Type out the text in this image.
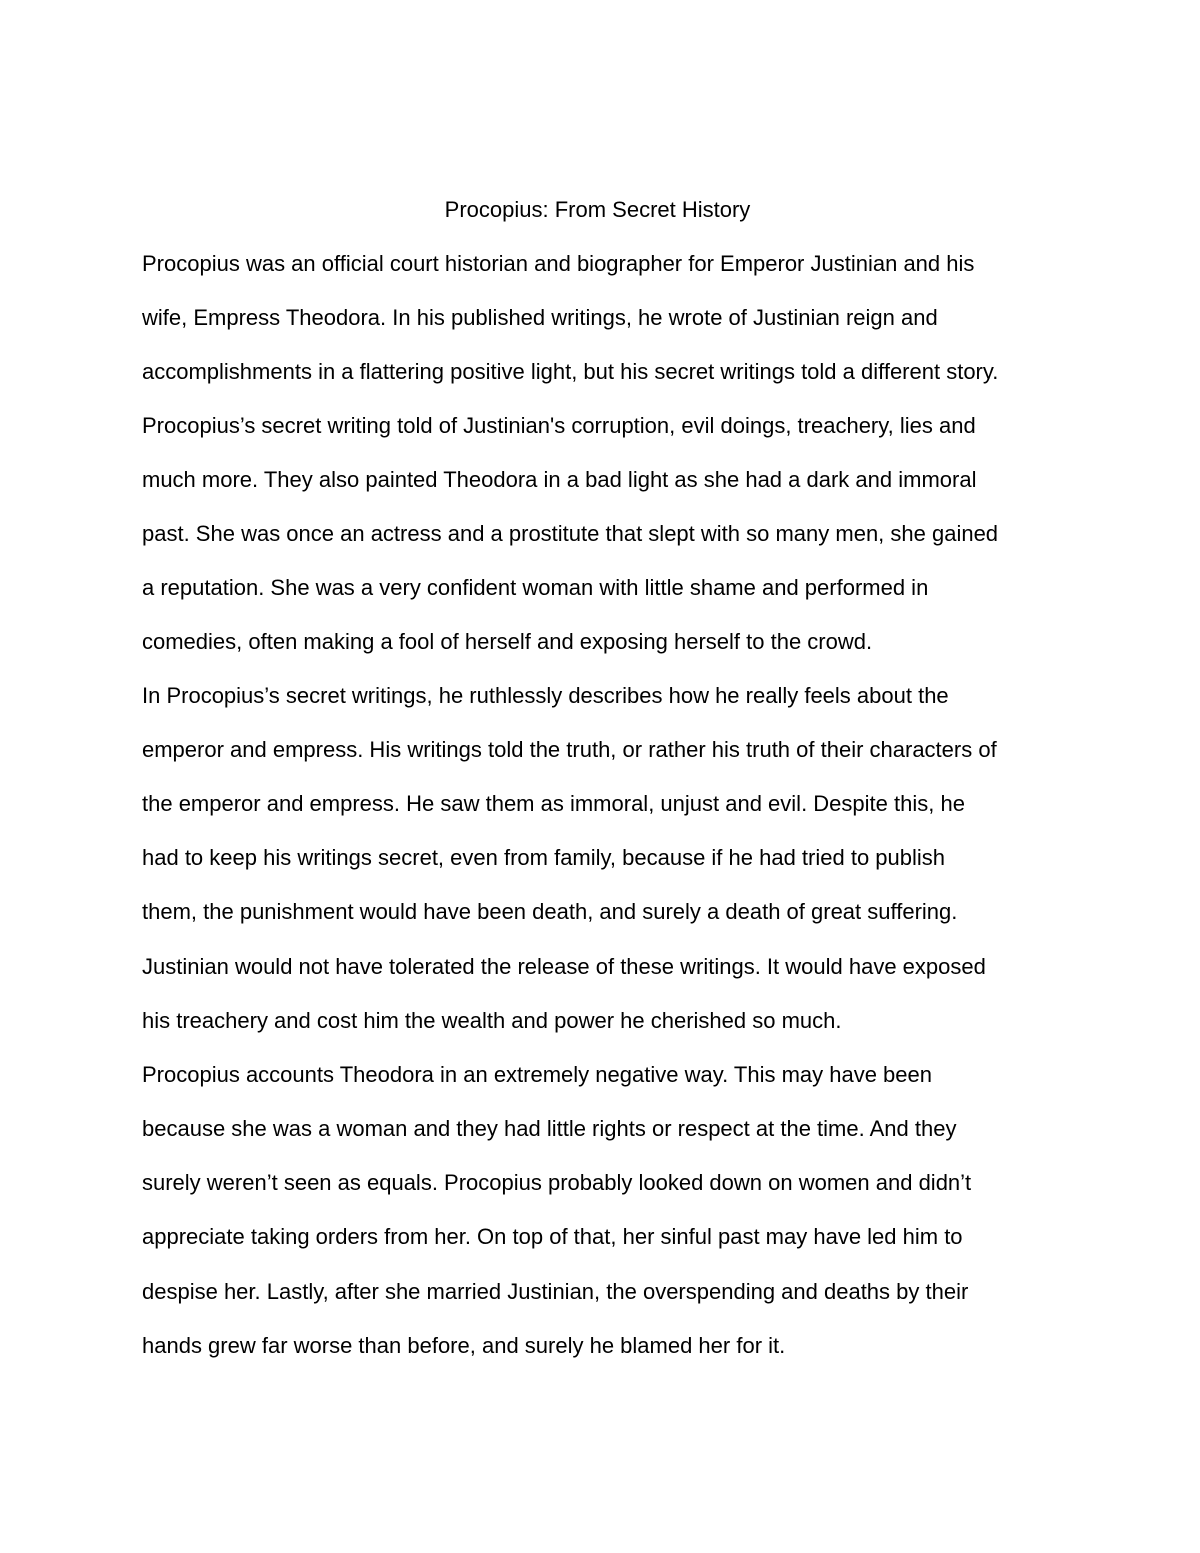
Procopius: From Secret History
Procopius was an official court historian and biographer for Emperor Justinian and his
wife, Empress Theodora. In his published writings, he wrote of Justinian reign and
accomplishments in a flattering positive light, but his secret writings told a different story.
Procopius’s secret writing told of Justinian's corruption, evil doings, treachery, lies and
much more. They also painted Theodora in a bad light as she had a dark and immoral
past. She was once an actress and a prostitute that slept with so many men, she gained
a reputation. She was a very confident woman with little shame and performed in
comedies, often making a fool of herself and exposing herself to the crowd.
In Procopius’s secret writings, he ruthlessly describes how he really feels about the
emperor and empress. His writings told the truth, or rather his truth of their characters of
the emperor and empress. He saw them as immoral, unjust and evil. Despite this, he
had to keep his writings secret, even from family, because if he had tried to publish
them, the punishment would have been death, and surely a death of great suffering.
Justinian would not have tolerated the release of these writings. It would have exposed
his treachery and cost him the wealth and power he cherished so much.
Procopius accounts Theodora in an extremely negative way. This may have been
because she was a woman and they had little rights or respect at the time. And they
surely weren’t seen as equals. Procopius probably looked down on women and didn’t
appreciate taking orders from her. On top of that, her sinful past may have led him to
despise her. Lastly, after she married Justinian, the overspending and deaths by their
hands grew far worse than before, and surely he blamed her for it.
